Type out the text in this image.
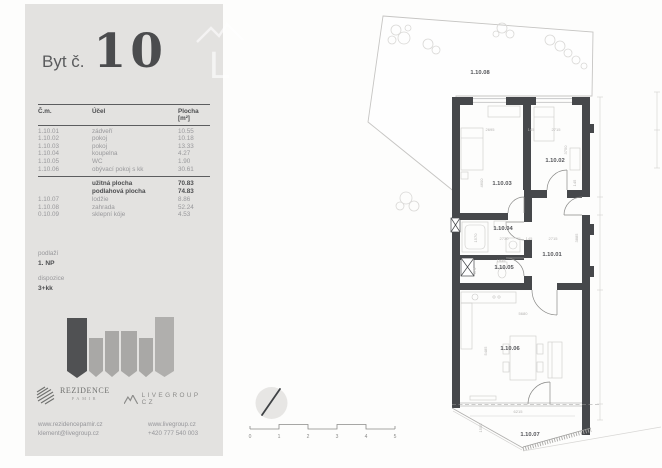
L
Byt č. 10
Č.m.	Účel	Plocha [m²]
1.10.01	zádveří	10.55
1.10.02	pokoj	10.18
1.10.03	pokoj	13.33
1.10.04	koupelna	4.27
1.10.05	WC	1.90
1.10.06	obývací pokoj s kk	30.61
užitná plocha	70.83
podlahová plocha	74.83
1.10.07	lodžie	8.86
1.10.08	zahrada	52.24
0.10.09	sklepní kóje	4.53
podlaží
1. NP
dispozice
3+kk
REZIDENCE
PAMIR	LIVEGROUP CZ
www.rezidencepamir.cz
klement@livegroup.cz
www.livegroup.cz
+420 777 540 003
1.10.08
1.10.02
1.10.03
1.10.04
1.10.05
1.10.01
1.10.06
1.10.07
2695	145	2715
3750
4600	145
2730
1570
1935
970
2715	3885
145
5680
5485
6215
1500
0	1	2	3	4	5
